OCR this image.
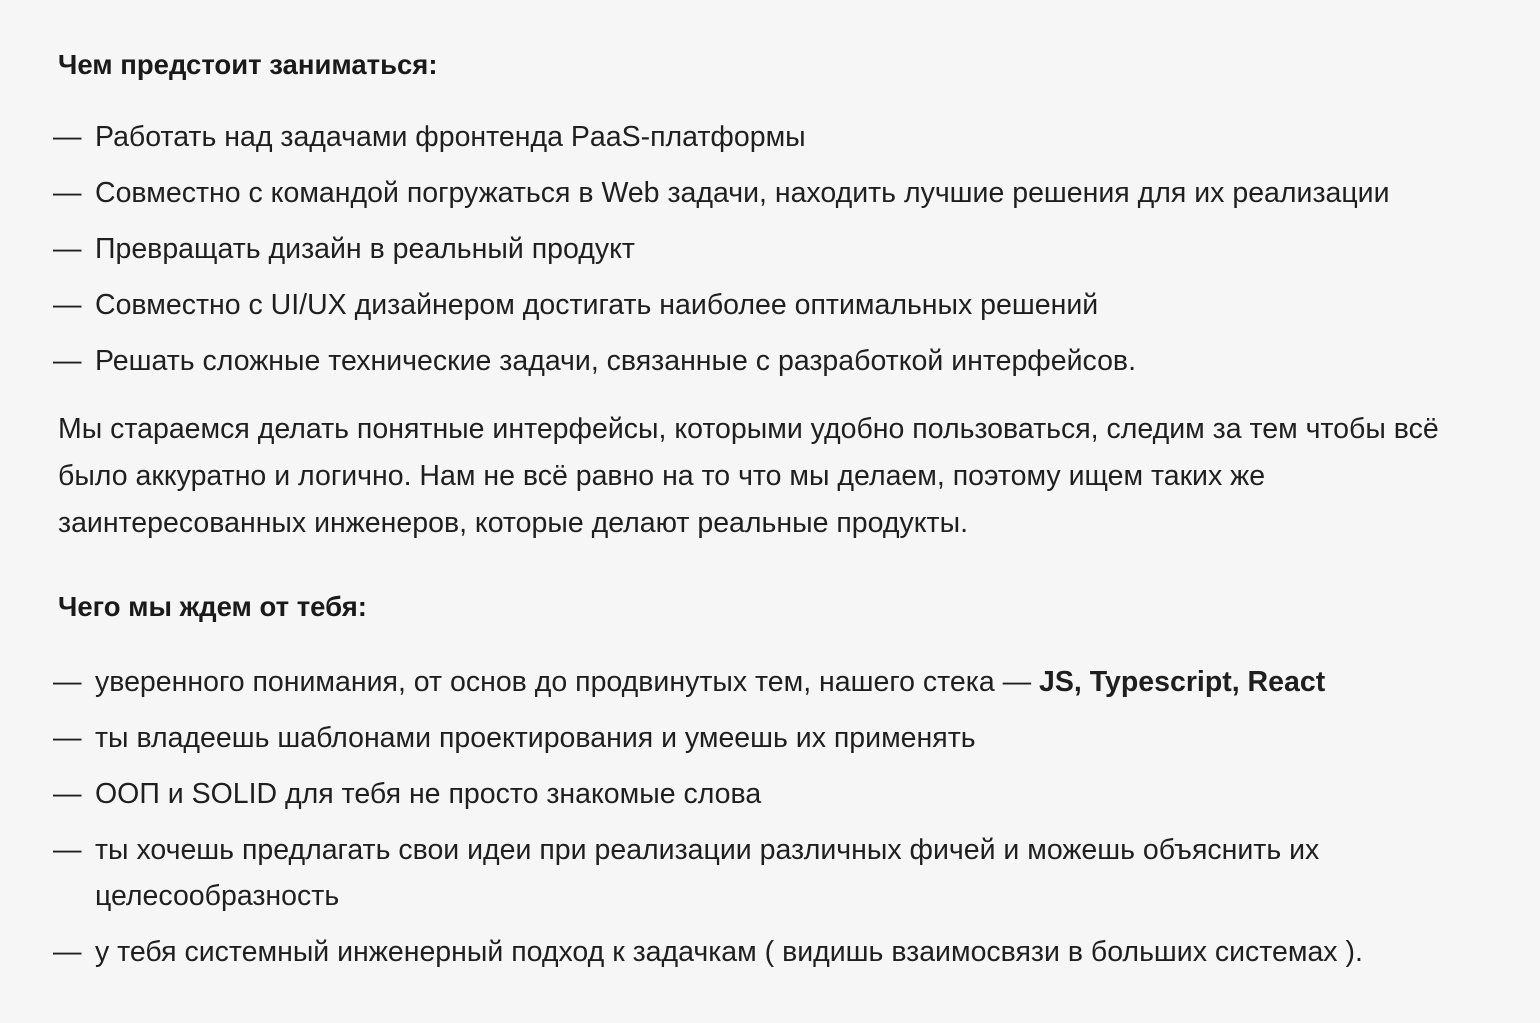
Чем предстоит заниматься:
— Работать над задачами фронтенда PaaS-платформы
— Совместно с командой погружаться в Web задачи, находить лучшие решения для их реализации
— Превращать дизайн в реальный продукт
— Совместно с UI/UX дизайнером достигать наиболее оптимальных решений
— Решать сложные технические задачи, связанные с разработкой интерфейсов.

Мы стараемся делать понятные интерфейсы, которыми удобно пользоваться, следим за тем чтобы всё было аккуратно и логично. Нам не всё равно на то что мы делаем, поэтому ищем таких же заинтересованных инженеров, которые делают реальные продукты.

Чего мы ждем от тебя:
— уверенного понимания, от основ до продвинутых тем, нашего стека — JS, Typescript, React
— ты владеешь шаблонами проектирования и умеешь их применять
— ООП и SOLID для тебя не просто знакомые слова
— ты хочешь предлагать свои идеи при реализации различных фичей и можешь объяснить их целесообразность
— у тебя системный инженерный подход к задачкам ( видишь взаимосвязи в больших системах ).
